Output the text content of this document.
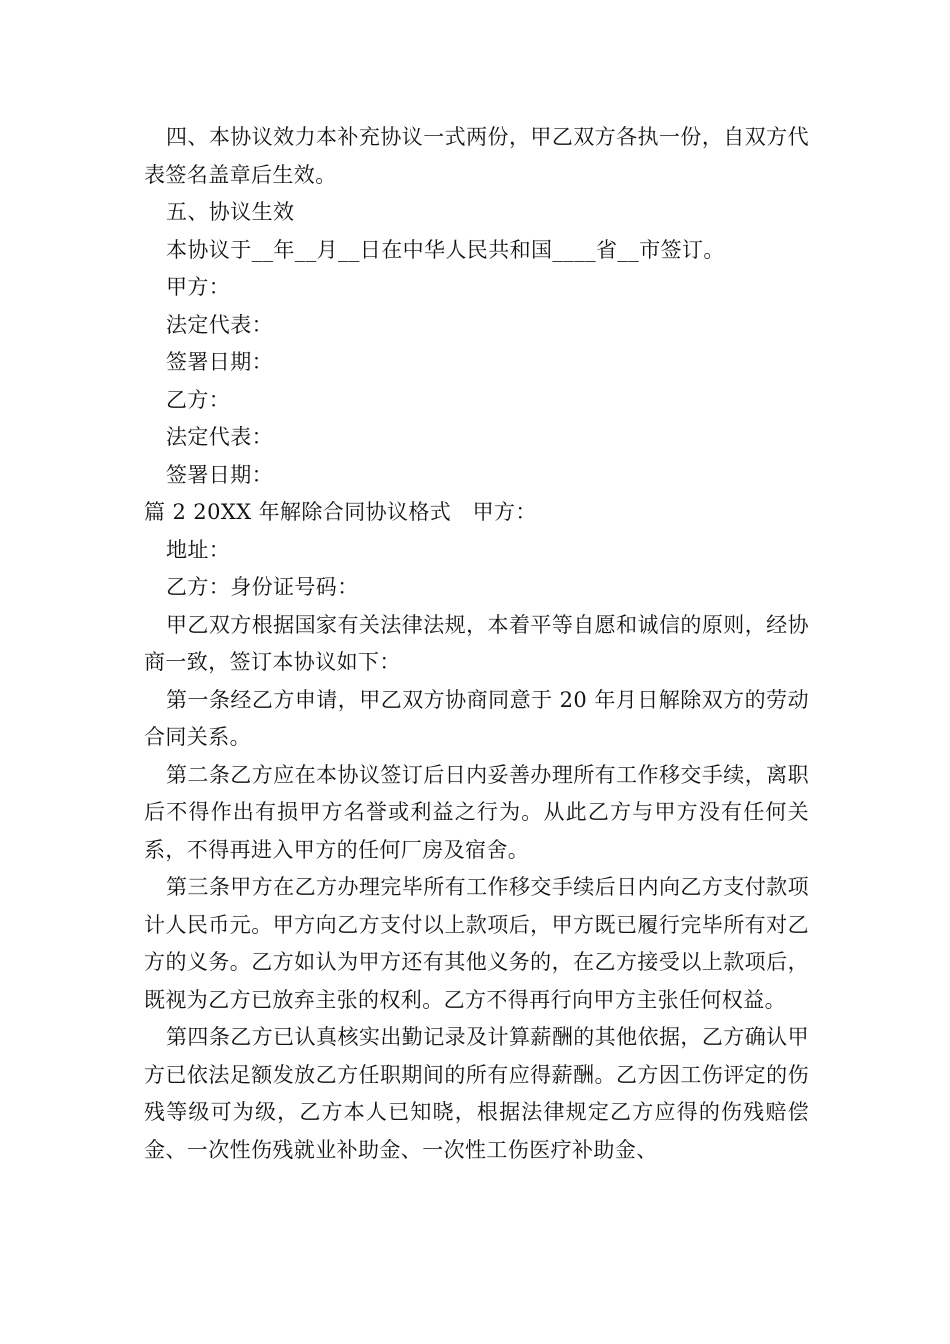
四、本协议效力本补充协议一式两份，甲乙双方各执一份，自双方代表签名盖章后生效。

五、协议生效

本协议于__年__月__日在中华人民共和国____省__市签订。

甲方：

法定代表：

签署日期：

乙方：

法定代表：

签署日期：

篇 2 20XX 年解除合同协议格式　甲方：

地址：

乙方：身份证号码：

甲乙双方根据国家有关法律法规，本着平等自愿和诚信的原则，经协商一致，签订本协议如下：

第一条经乙方申请，甲乙双方协商同意于 20 年月日解除双方的劳动合同关系。

第二条乙方应在本协议签订后日内妥善办理所有工作移交手续，离职后不得作出有损甲方名誉或利益之行为。从此乙方与甲方没有任何关系，不得再进入甲方的任何厂房及宿舍。

第三条甲方在乙方办理完毕所有工作移交手续后日内向乙方支付款项计人民币元。甲方向乙方支付以上款项后，甲方既已履行完毕所有对乙方的义务。乙方如认为甲方还有其他义务的，在乙方接受以上款项后，既视为乙方已放弃主张的权利。乙方不得再行向甲方主张任何权益。

第四条乙方已认真核实出勤记录及计算薪酬的其他依据，乙方确认甲方已依法足额发放乙方任职期间的所有应得薪酬。乙方因工伤评定的伤残等级可为级，乙方本人已知晓，根据法律规定乙方应得的伤残赔偿金、一次性伤残就业补助金、一次性工伤医疗补助金、
